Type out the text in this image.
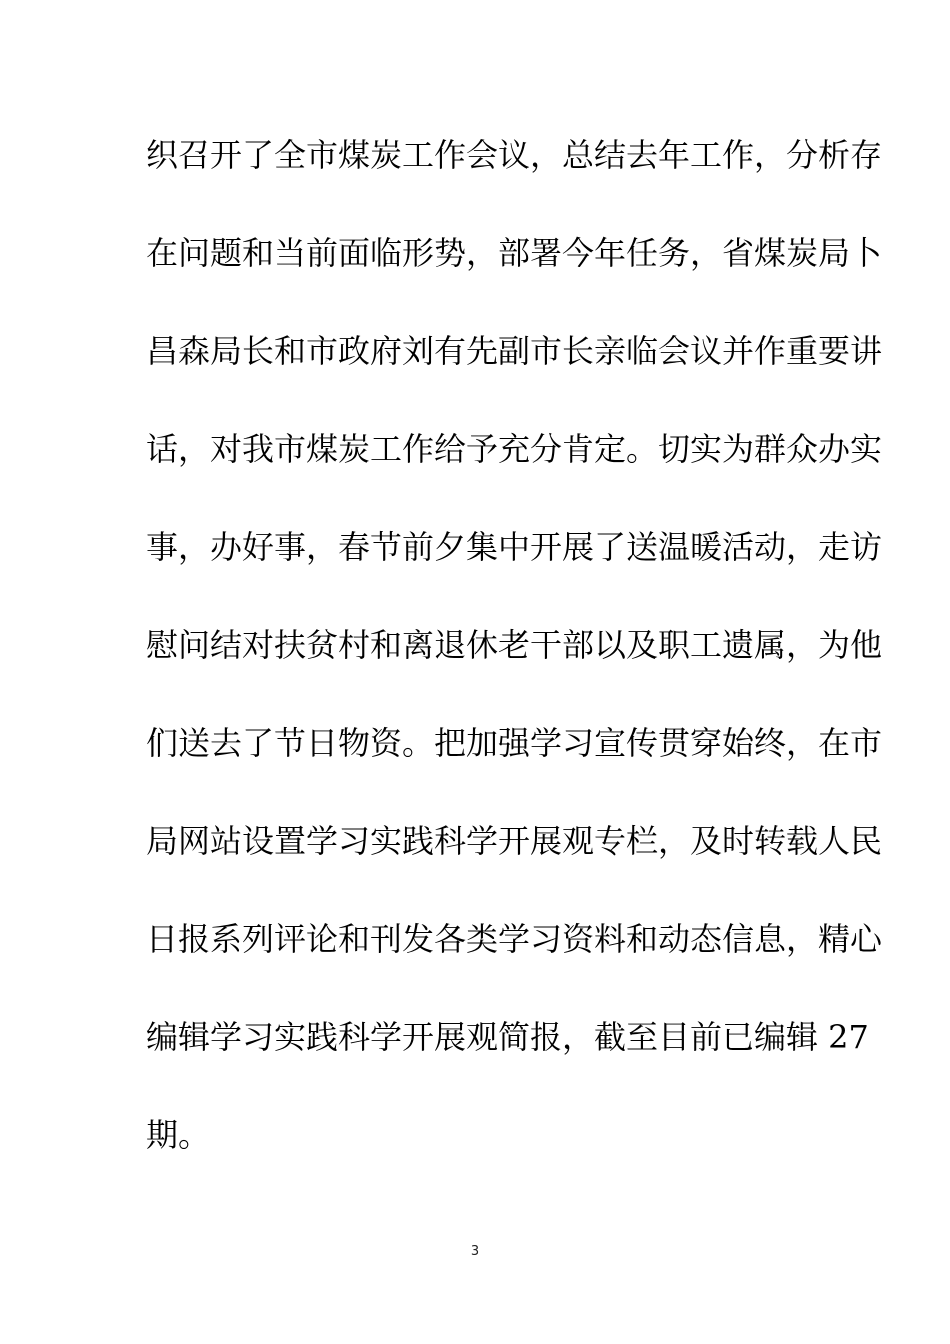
织召开了全市煤炭工作会议，总结去年工作，分析存
在问题和当前面临形势，部署今年任务，省煤炭局卜
昌森局长和市政府刘有先副市长亲临会议并作重要讲
话，对我市煤炭工作给予充分肯定。切实为群众办实
事，办好事，春节前夕集中开展了送温暖活动，走访
慰问结对扶贫村和离退休老干部以及职工遗属，为他
们送去了节日物资。把加强学习宣传贯穿始终，在市
局网站设置学习实践科学开展观专栏，及时转载人民
日报系列评论和刊发各类学习资料和动态信息，精心
编辑学习实践科学开展观简报，截至目前已编辑 27
期。
3
